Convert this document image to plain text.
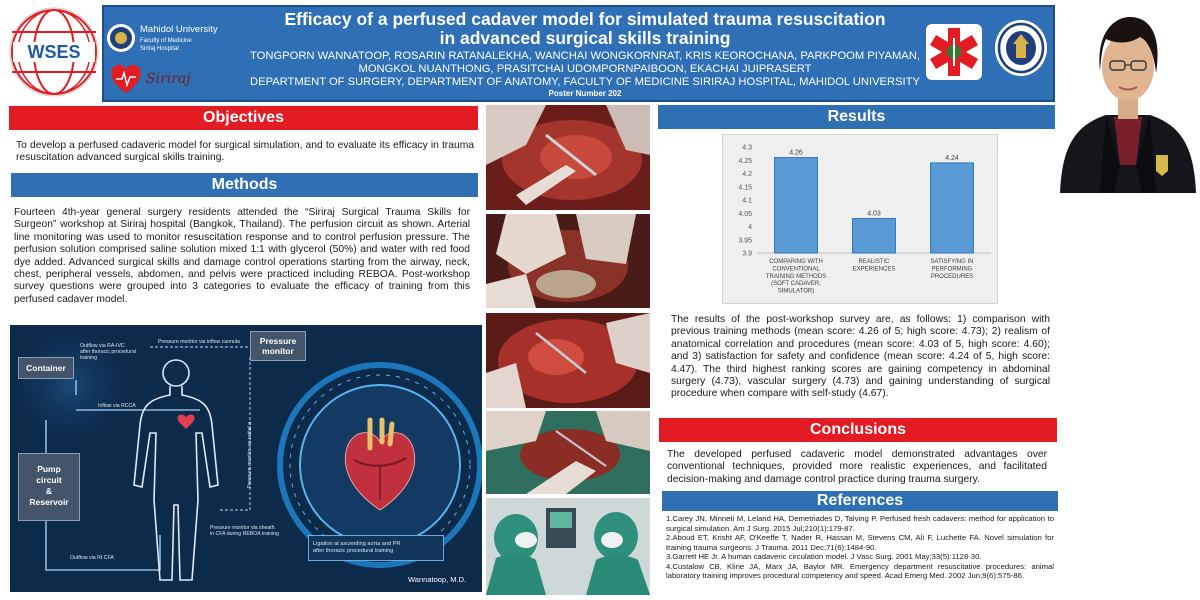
WSES
Mahidol University
Faculty of Medicine
Siriraj Hospital
Siriraj
Efficacy of a perfused cadaver model for simulated trauma resuscitation
in advanced surgical skills training
TONGPORN WANNATOOP, ROSARIN RATANALEKHA, WANCHAI WONGKORNRAT, KRIS KEOROCHANA, PARKPOOM PIYAMAN,
MONGKOL NUANTHONG, PRASITCHAI UDOMPORNPAIBOON, EKACHAI JUIPRASERT
DEPARTMENT OF SURGERY, DEPARTMENT OF ANATOMY, FACULTY OF MEDICINE SIRIRAJ HOSPITAL, MAHIDOL UNIVERSITY
Poster Number 202
Objectives

To develop a perfused cadaveric model for surgical simulation, and to evaluate its efficacy in trauma resuscitation advanced surgical skills training.

Methods

Fourteen 4th-year general surgery residents attended the “Siriraj Surgical Trauma Skills for Surgeon” workshop at Siriraj hospital (Bangkok, Thailand). The perfusion circuit as shown. Arterial line monitoring was used to monitor resuscitation response and to control perfusion pressure. The perfusion solution comprised saline solution mixed 1:1 with glycerol (50%) and water with red food dye added. Advanced surgical skills and damage control operations starting from the airway, neck, chest, peripheral vessels, abdomen, and pelvis were practiced including REBOA. Post-workshop survey questions were grouped into 3 categories to evaluate the efficacy of training from this perfused cadaver model.

Container
Pressure
monitor
Pump
circuit
&
Reservoir
Outflow via RA-IVC
after thoracic procedural
training
Pressure monitor via inflow cannula
Inflow via RCCA
Pressure monitor via radial a.
Pressure monitor via sheath
in CFA during REBOA training
Outflow via Rt CFA
Ligation at ascending aorta and PR
after thoracic procedural training
Wannatoop, M.D.
Results
3.9
3.95
4
4.05
4.1
4.15
4.2
4.25
4.3
4.26
COMPARING WITH
CONVENTIONAL
TRAINING METHODS
(SOFT CADAVER,
SIMULATOR)
4.03
REALISTIC
EXPERIENCES
4.24
SATISFYING IN
PERFORMING
PROCEDURES

The results of the post-workshop survey are, as follows: 1) comparison with previous training methods (mean score: 4.26 of 5; high score: 4.73); 2) realism of anatomical correlation and procedures (mean score: 4.03 of 5, high score: 4.60); and 3) satisfaction for safety and confidence (mean score: 4.24 of 5, high score: 4.47). The third highest ranking scores are gaining competency in abdominal surgery (4.73), vascular surgery (4.73) and gaining understanding of surgical procedure when compare with self-study (4.67).

Conclusions

The developed perfused cadaveric model demonstrated advantages over conventional techniques, provided more realistic experiences, and facilitated decision-making and damage control practice during trauma surgery.

References
1.Carey JN, Minneti M, Leland HA, Demetriades D, Talving P. Perfused fresh cadavers: method for application to surgical simulation. Am J Surg. 2015 Jul;210(1):179-87.
2.Aboud ET, Krisht AF, O'Keeffe T, Nader R, Hassan M, Stevens CM, Ali F, Luchette FA. Novel simulation for training trauma surgeons. J Trauma. 2011 Dec;71(6):1484-90.
3.Garrett HE Jr. A human cadaveric circulation model. J Vasc Surg. 2001 May;33(5):1128-30.
4.Custalow CB, Kline JA, Marx JA, Baylor MR. Emergency department resuscitative procedures: animal laboratory training improves procedural competency and speed. Acad Emerg Med. 2002 Jun;9(6):575-86.
